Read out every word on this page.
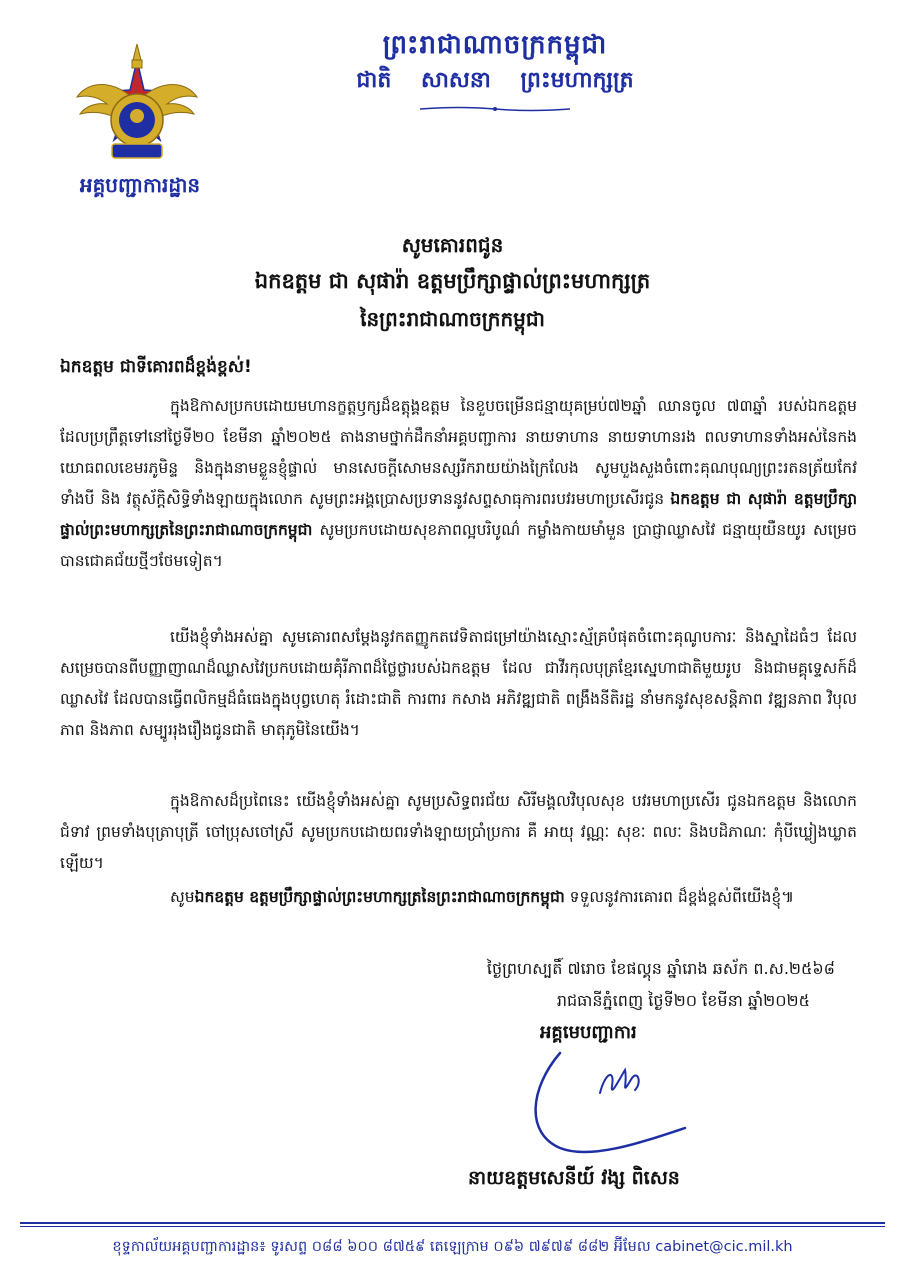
អគ្គបញ្ជាការដ្ឋាន
ព្រះរាជាណាចក្រកម្ពុជា
ជាតិ សាសនា ព្រះមហាក្សត្រ
សូមគោរពជូន
ឯកឧត្តម ជា សុផារ៉ា ឧត្តមប្រឹក្សាផ្ទាល់ព្រះមហាក្សត្រ
នៃព្រះរាជាណាចក្រកម្ពុជា
ឯកឧត្តម ជាទីគោរពដ៏ខ្ពង់ខ្ពស់!
ក្នុងឱកាសប្រកបដោយមហានក្ខត្តឫក្សដ៏ឧត្តុង្គឧត្តម នៃខួបចម្រើនជន្មាយុគម្រប់៧២ឆ្នាំ ឈានចូល ៧៣ឆ្នាំ របស់ឯកឧត្តម ដែលប្រព្រឹត្តទៅនៅថ្ងៃទី២០ ខែមីនា ឆ្នាំ២០២៥ តាងនាមថ្នាក់ដឹកនាំអគ្គបញ្ជាការ នាយទាហាន នាយទាហានរង ពលទាហានទាំងអស់នៃកងយោធពលខេមរភូមិន្ទ និងក្នុងនាមខ្លួនខ្ញុំផ្ទាល់ មានសេចក្តីសោមនស្សរីករាយយ៉ាងក្រៃលែង សូមបួងសួងចំពោះគុណបុណ្យព្រះរតនត្រ័យកែវទាំងបី និង វត្ថុស័ក្តិសិទ្ធិទាំងឡាយក្នុងលោក សូមព្រះអង្គប្រោសប្រទាននូវសព្ទសាធុការពរបវរមហាប្រសើរជូន ឯកឧត្តម ជា សុផារ៉ា ឧត្តមប្រឹក្សាផ្ទាល់ព្រះមហាក្សត្រនៃព្រះរាជាណាចក្រកម្ពុជា សូមប្រកបដោយសុខភាពល្អបរិបូណ៌ កម្លាំងកាយមាំមួន ប្រាជ្ញាឈ្លាសវៃ ជន្មាយុយឺនយូរ សម្រេចបានជោគជ័យថ្មីៗថែមទៀត។
យើងខ្ញុំទាំងអស់គ្នា សូមគោរពសម្តែងនូវកតញ្ញូកតវេទិតាជម្រៅយ៉ាងស្មោះស្ម័គ្របំផុតចំពោះគុណូបការៈ និងស្នាដៃធំៗ ដែលសម្រេចបានពីបញ្ញាញាណដ៏ឈ្លាសវៃប្រកបដោយគុំរីភាពដ៏ថ្លៃថ្លារបស់ឯកឧត្តម ដែល ជាវីរកុលបុត្រខ្មែរស្នេហាជាតិមួយរូប និងជាមគ្គុទ្ទេសក៍ដ៏ឈ្លាសវៃ ដែលបានធ្វើពលិកម្មដ៏ធំធេងក្នុងបុព្វហេតុ រំដោះជាតិ ការពារ កសាង អភិវឌ្ឍជាតិ ពង្រឹងនីតិរដ្ឋ នាំមកនូវសុខសន្តិភាព វឌ្ឍនភាព វិបុលភាព និងភាព សម្បូររុងរឿងជូនជាតិ មាតុភូមិនៃយើង។
ក្នុងឱកាសដ៏ប្រពៃនេះ យើងខ្ញុំទាំងអស់គ្នា សូមប្រសិទ្ធពរជ័យ សិរីមង្គលវិបុលសុខ បវរមហាប្រសើរ ជូនឯកឧត្តម និងលោកជំទាវ ព្រមទាំងបុត្រាបុត្រី ចៅប្រុសចៅស្រី សូមប្រកបដោយពរទាំងឡាយប្រាំប្រការ គឺ អាយុ វណ្ណៈ សុខៈ ពលៈ និងបដិភាណៈ កុំបីឃ្លៀងឃ្លាតឡើយ។
សូមឯកឧត្តម ឧត្តមប្រឹក្សាផ្ទាល់ព្រះមហាក្សត្រនៃព្រះរាជាណាចក្រកម្ពុជា ទទួលនូវការគោរព ដ៏ខ្ពង់ខ្ពស់ពីយើងខ្ញុំ៕
ថ្ងៃព្រហស្បតិ៍ ៧រោច ខែផល្គុន ឆ្នាំរោង ឆស័ក ព.ស.២៥៦៨
រាជធានីភ្នំពេញ ថ្ងៃទី២០ ខែមីនា ឆ្នាំ២០២៥
អគ្គមេបញ្ជាការ
នាយឧត្តមសេនីយ៍ វង្ស ពិសេន
ខុទ្ទកាល័យអគ្គបញ្ជាការដ្ឋាន៖ ទូរសព្ទ ០៨៨ ៦០០ ៨៧៥៩ តេឡេក្រាម ០៩៦ ៧៩៧៩ ៨៨២ អ៊ីមែល cabinet@cic.mil.kh
